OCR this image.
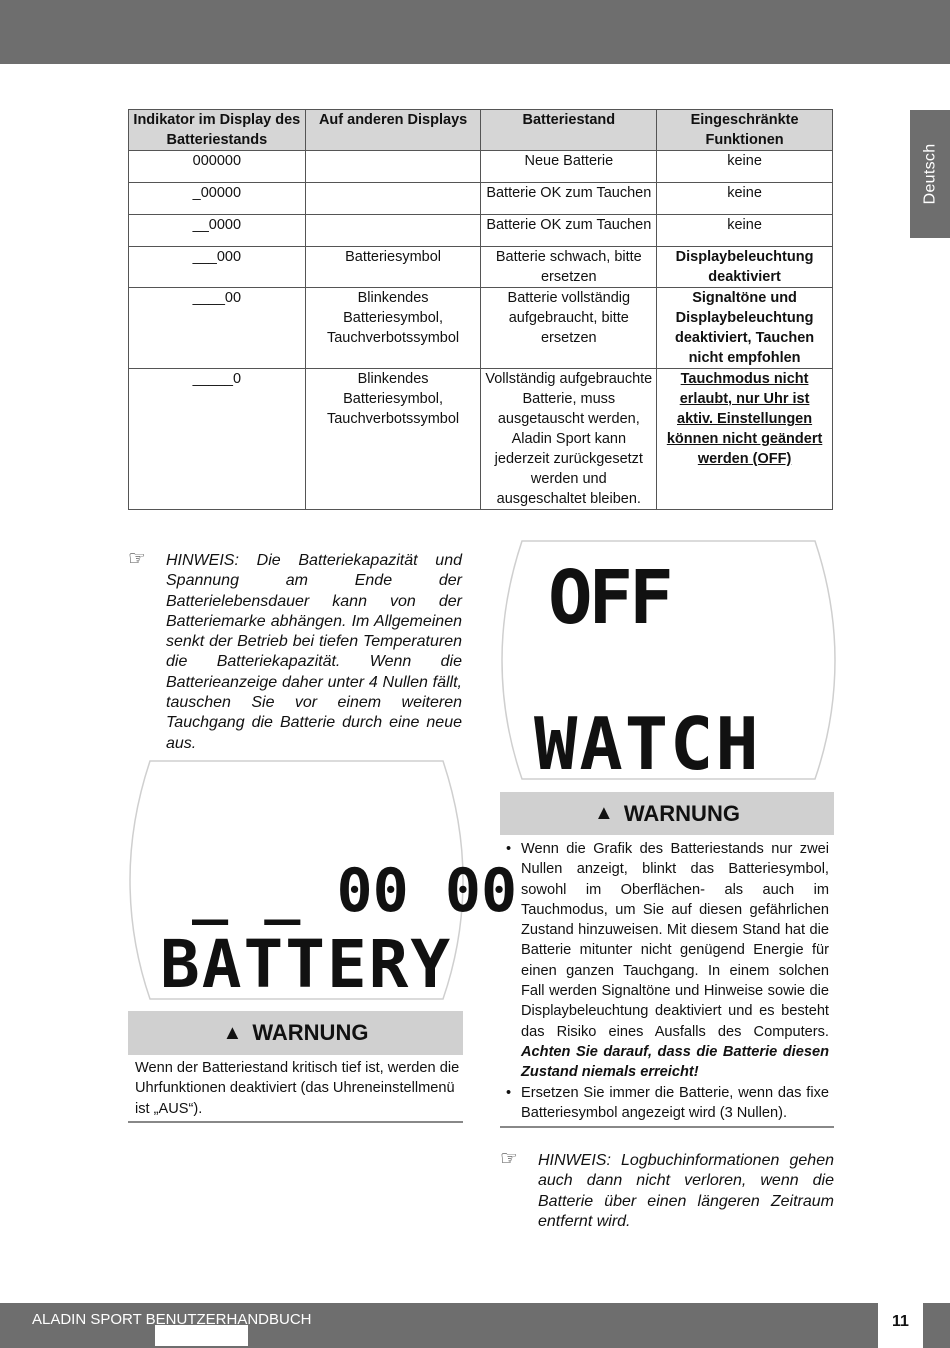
Deutsch
Indikator im Display des Batteriestands	Auf anderen Displays	Batteriestand	Eingeschränkte Funktionen
000000		Neue Batterie	keine
_00000		Batterie OK zum Tauchen	keine
__0000		Batterie OK zum Tauchen	keine
___000	Batteriesymbol	Batterie schwach, bitte ersetzen	Displaybeleuchtung deaktiviert
____00	Blinkendes Batteriesymbol, Tauchverbotssymbol	Batterie vollständig aufgebraucht, bitte ersetzen	Signaltöne und Displaybeleuchtung deaktiviert, Tauchen nicht empfohlen
_____0	Blinkendes Batteriesymbol, Tauchverbotssymbol	Vollständig aufgebrauchte Batterie, muss ausgetauscht werden, Aladin Sport kann jederzeit zurückgesetzt werden und ausgeschaltet bleiben.	Tauchmodus nicht erlaubt, nur Uhr ist aktiv. Einstellungen können nicht geändert werden (OFF)
☞ HINWEIS: Die Batteriekapazität und Spannung am Ende der Batterielebensdauer kann von der Batteriemarke abhängen. Im Allgemeinen senkt der Betrieb bei tiefen Temperaturen die Batteriekapazität. Wenn die Batterieanzeige daher unter 4 Nullen fällt, tauschen Sie vor einem weiteren Tauchgang die Batterie durch eine neue aus.
OFF
WATCH
_ _ 00 00
BATTERY
▲ WARNUNG
Wenn der Batteriestand kritisch tief ist, werden die Uhrfunktionen deaktiviert (das Uhreneinstellmenü ist „AUS“).
▲ WARNUNG
• Wenn die Grafik des Batteriestands nur zwei Nullen anzeigt, blinkt das Batteriesymbol, sowohl im Oberflächen- als auch im Tauchmodus, um Sie auf diesen gefährlichen Zustand hinzuweisen. Mit diesem Stand hat die Batterie mitunter nicht genügend Energie für einen ganzen Tauchgang. In einem solchen Fall werden Signaltöne und Hinweise sowie die Displaybeleuchtung deaktiviert und es besteht das Risiko eines Ausfalls des Computers. Achten Sie darauf, dass die Batterie diesen Zustand niemals erreicht!
• Ersetzen Sie immer die Batterie, wenn das fixe Batteriesymbol angezeigt wird (3 Nullen).
☞ HINWEIS: Logbuchinformationen gehen auch dann nicht verloren, wenn die Batterie über einen längeren Zeitraum entfernt wird.
ALADIN SPORT BENUTZERHANDBUCH	11
